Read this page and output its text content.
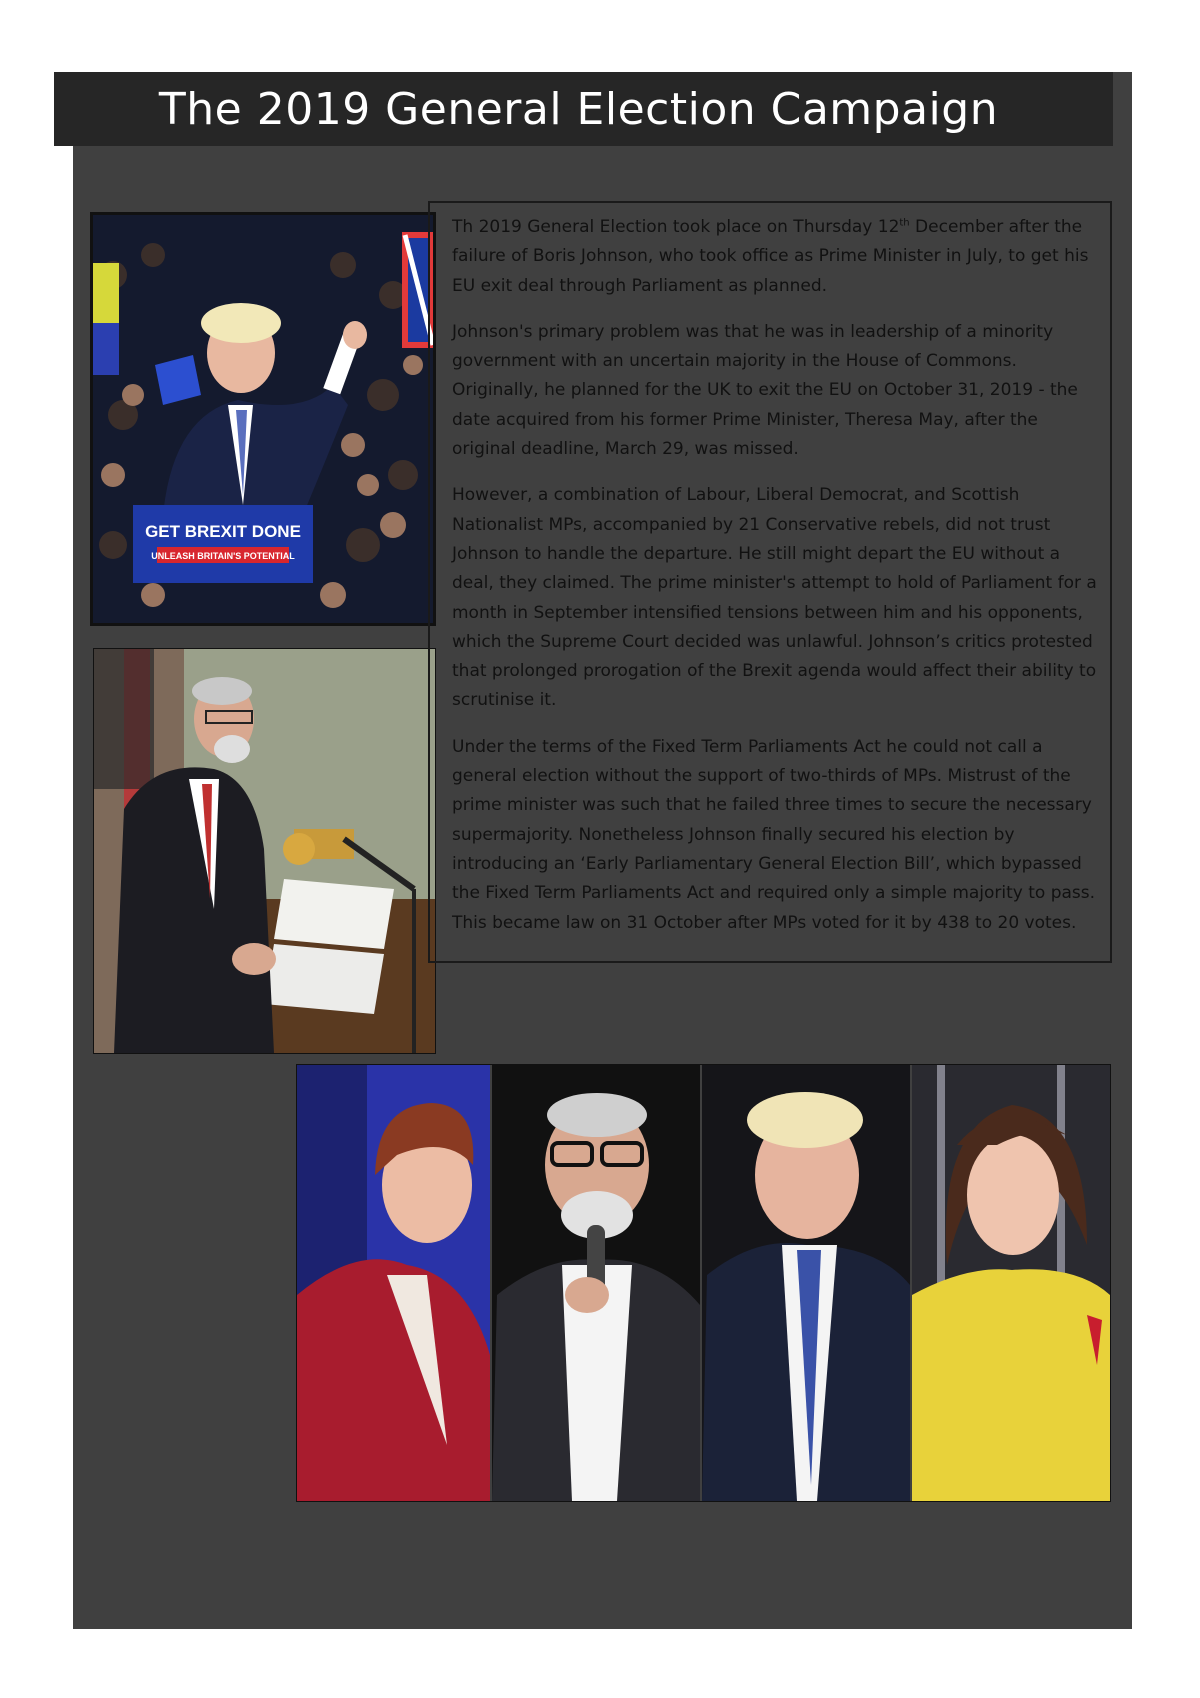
The 2019 General Election Campaign
GET BREXIT DONE
UNLEASH BRITAIN'S POTENTIAL

Th 2019 General Election took place on Thursday 12th December after the failure of Boris Johnson, who took office as Prime Minister in July, to get his EU exit deal through Parliament as planned.

Johnson's primary problem was that he was in leadership of a minority government with an uncertain majority in the House of Commons. Originally, he planned for the UK to exit the EU on October 31, 2019 - the date acquired from his former Prime Minister, Theresa May, after the original deadline, March 29, was missed.

However, a combination of Labour, Liberal Democrat, and Scottish Nationalist MPs, accompanied by 21 Conservative rebels, did not trust Johnson to handle the departure. He still might depart the EU without a deal, they claimed. The prime minister's attempt to hold of Parliament for a month in September intensified tensions between him and his opponents, which the Supreme Court decided was unlawful. Johnson’s critics protested that prolonged prorogation of the Brexit agenda would affect their ability to scrutinise it.

Under the terms of the Fixed Term Parliaments Act he could not call a general election without the support of two-thirds of MPs. Mistrust of the prime minister was such that he failed three times to secure the necessary supermajority. Nonetheless Johnson finally secured his election by introducing an ‘Early Parliamentary General Election Bill’, which bypassed the Fixed Term Parliaments Act and required only a simple majority to pass. This became law on 31 October after MPs voted for it by 438 to 20 votes.
